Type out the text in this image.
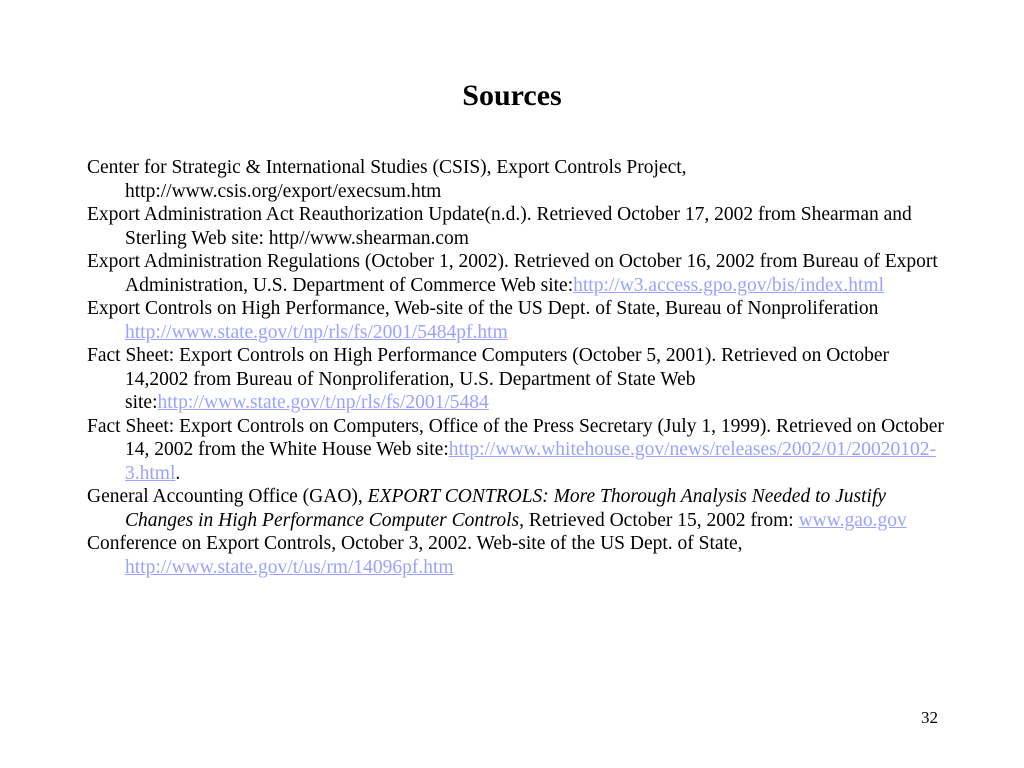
Sources
Center for Strategic & International Studies (CSIS), Export Controls Project, http://www.csis.org/export/execsum.htm
Export Administration Act Reauthorization Update(n.d.). Retrieved October 17, 2002 from Shearman and Sterling Web site: http//www.shearman.com
Export Administration Regulations (October 1, 2002). Retrieved on October 16, 2002 from Bureau of Export Administration, U.S. Department of Commerce Web site:http://w3.access.gpo.gov/bis/index.html
Export Controls on High Performance, Web-site of the US Dept. of State, Bureau of Nonproliferation
http://www.state.gov/t/np/rls/fs/2001/5484pf.htm
Fact Sheet: Export Controls on High Performance Computers (October 5, 2001). Retrieved on October 14,2002 from Bureau of Nonproliferation, U.S. Department of State Web site:http://www.state.gov/t/np/rls/fs/2001/5484
Fact Sheet: Export Controls on Computers, Office of the Press Secretary (July 1, 1999). Retrieved on October 14, 2002 from the White House Web site:http://www.whitehouse.gov/news/releases/2002/01/20020102-3.html.
General Accounting Office (GAO), EXPORT CONTROLS: More Thorough Analysis Needed to Justify Changes in High Performance Computer Controls, Retrieved October 15, 2002 from: www.gao.gov
Conference on Export Controls, October 3, 2002. Web-site of the US Dept. of State,
http://www.state.gov/t/us/rm/14096pf.htm
32
